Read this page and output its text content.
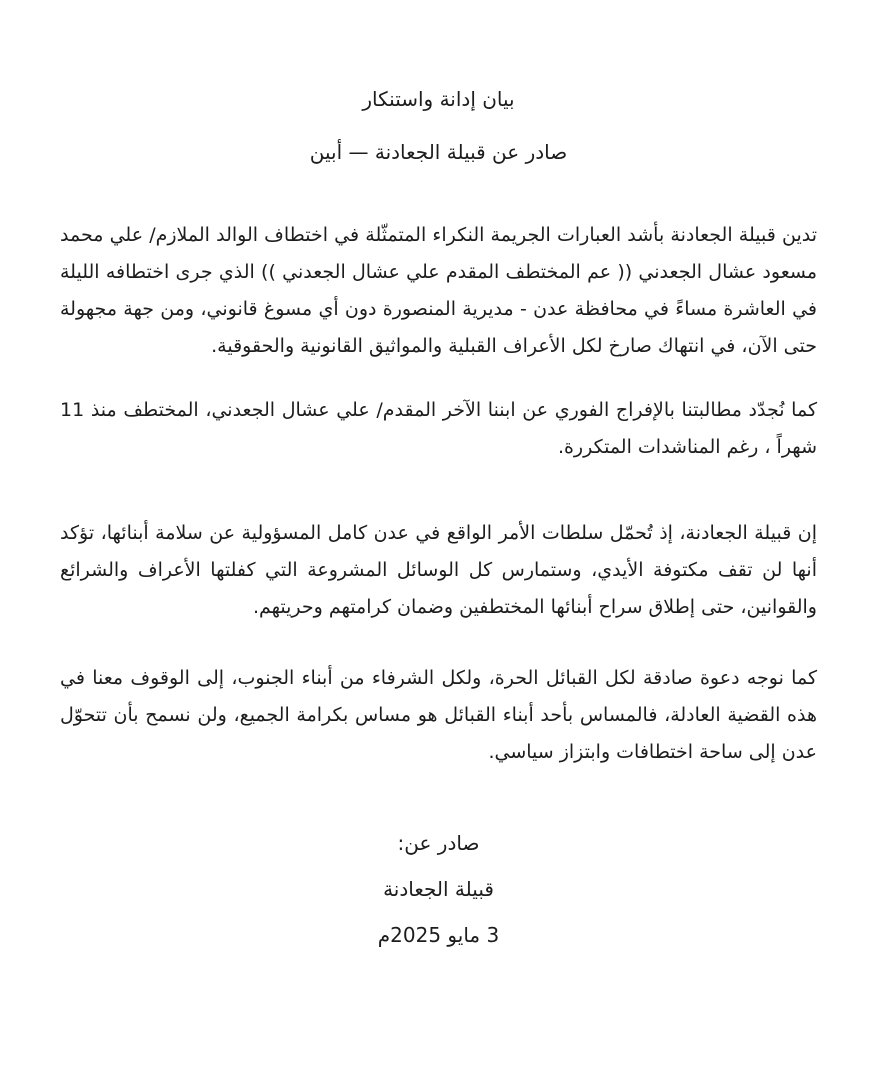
بيان إدانة واستنكار
صادر عن قبيلة الجعادنة — أبين

تدين قبيلة الجعادنة بأشد العبارات الجريمة النكراء المتمثّلة في اختطاف الوالد الملازم/ علي محمد مسعود عشال الجعدني (( عم المختطف المقدم علي عشال الجعدني )) الذي جرى اختطافه الليلة في العاشرة مساءً في محافظة عدن - مديرية المنصورة دون أي مسوغ قانوني، ومن جهة مجهولة حتى الآن، في انتهاك صارخ لكل الأعراف القبلية والمواثيق القانونية والحقوقية.

كما نُجدّد مطالبتنا بالإفراج الفوري عن ابننا الآخر المقدم/ علي عشال الجعدني، المختطف منذ 11 شهراً ، رغم المناشدات المتكررة.

إن قبيلة الجعادنة، إذ تُحمّل سلطات الأمر الواقع في عدن كامل المسؤولية عن سلامة أبنائها، تؤكد أنها لن تقف مكتوفة الأيدي، وستمارس كل الوسائل المشروعة التي كفلتها الأعراف والشرائع والقوانين، حتى إطلاق سراح أبنائها المختطفين وضمان كرامتهم وحريتهم.

كما نوجه دعوة صادقة لكل القبائل الحرة، ولكل الشرفاء من أبناء الجنوب، إلى الوقوف معنا في هذه القضية العادلة، فالمساس بأحد أبناء القبائل هو مساس بكرامة الجميع، ولن نسمح بأن تتحوّل عدن إلى ساحة اختطافات وابتزاز سياسي.

صادر عن:
قبيلة الجعادنة
3 مايو 2025م
